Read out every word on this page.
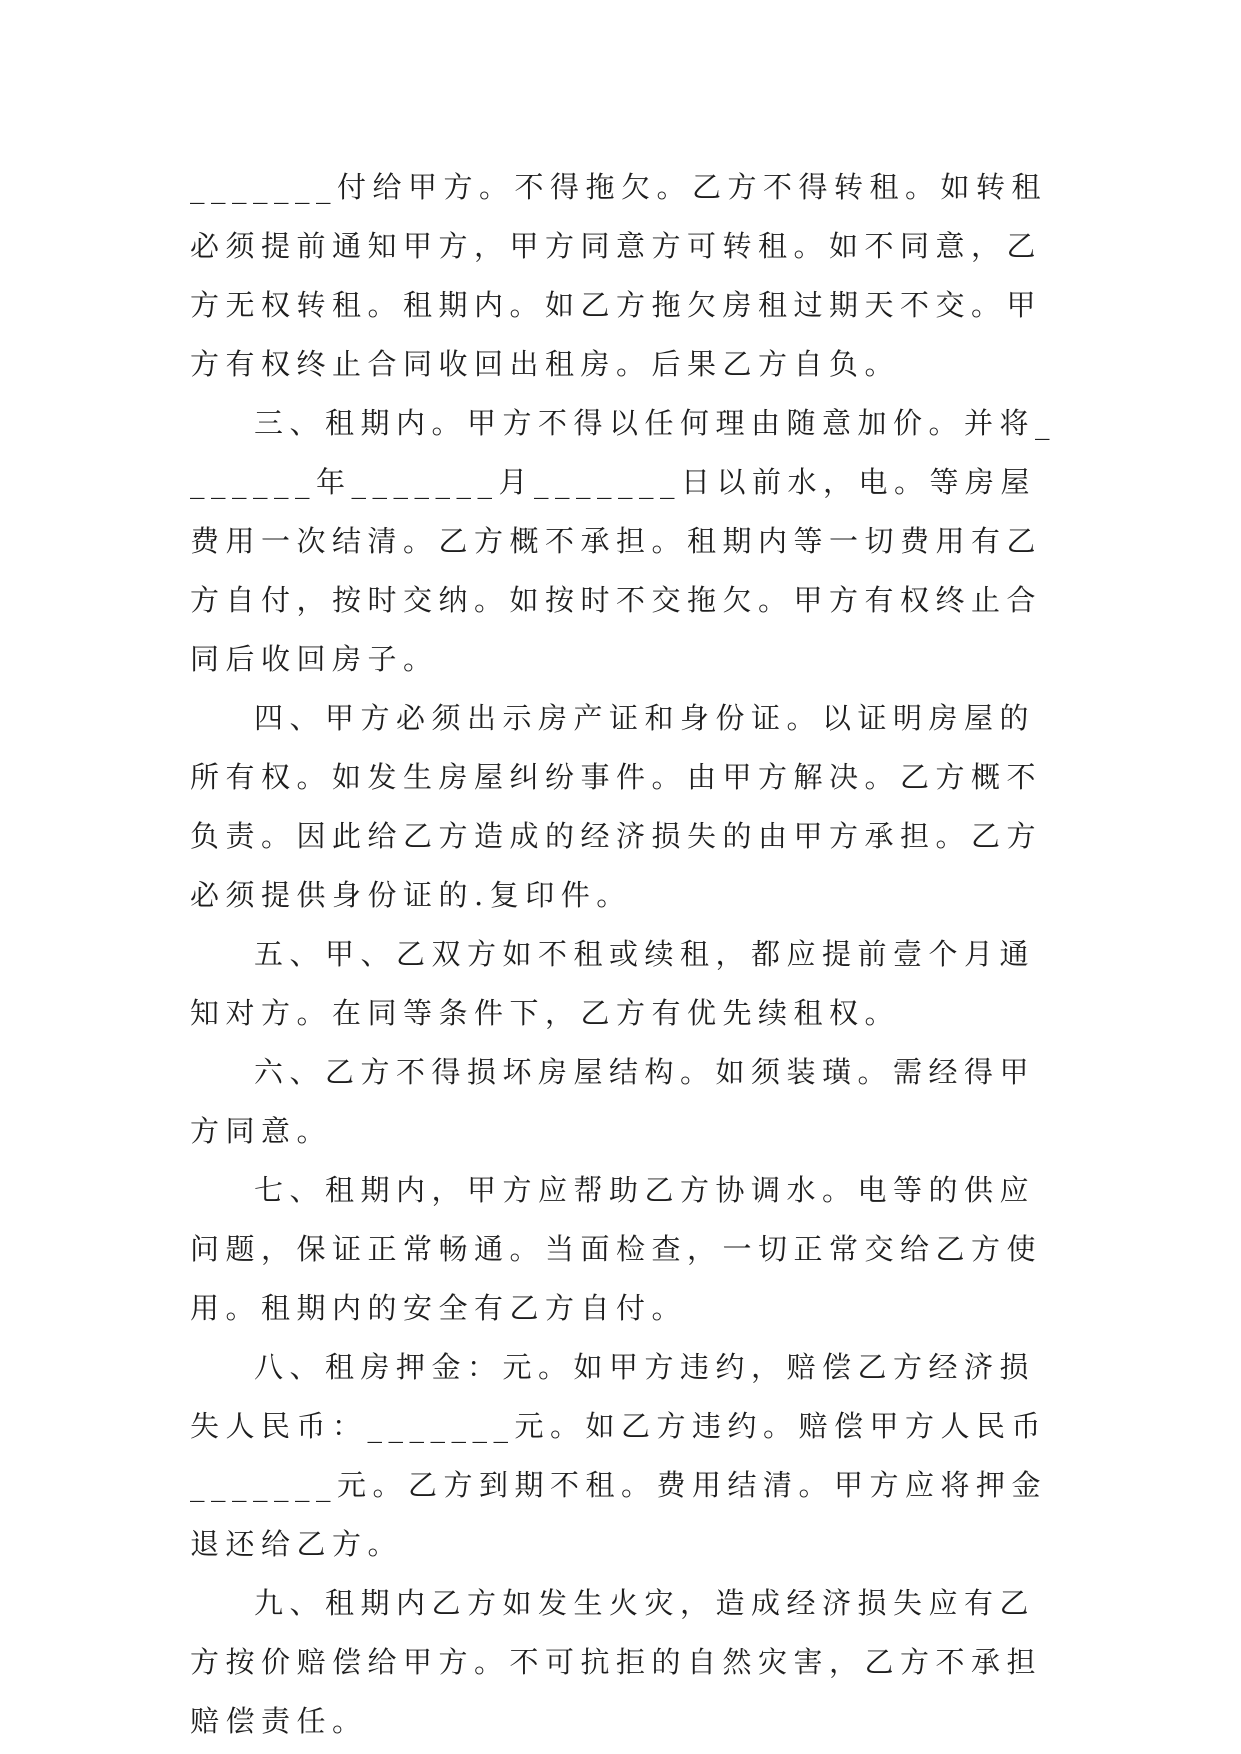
_______付给甲方。不得拖欠。乙方不得转租。如转租必须提前通知甲方，甲方同意方可转租。如不同意，乙方无权转租。租期内。如乙方拖欠房租过期天不交。甲方有权终止合同收回出租房。后果乙方自负。

三、租期内。甲方不得以任何理由随意加价。并将_______年_______月_______日以前水，电。等房屋费用一次结清。乙方概不承担。租期内等一切费用有乙方自付，按时交纳。如按时不交拖欠。甲方有权终止合同后收回房子。

四、甲方必须出示房产证和身份证。以证明房屋的所有权。如发生房屋纠纷事件。由甲方解决。乙方概不负责。因此给乙方造成的经济损失的由甲方承担。乙方必须提供身份证的.复印件。

五、甲、乙双方如不租或续租，都应提前壹个月通知对方。在同等条件下，乙方有优先续租权。

六、乙方不得损坏房屋结构。如须装璜。需经得甲方同意。

七、租期内，甲方应帮助乙方协调水。电等的供应问题，保证正常畅通。当面检查，一切正常交给乙方使用。租期内的安全有乙方自付。

八、租房押金：元。如甲方违约，赔偿乙方经济损失人民币：_______元。如乙方违约。赔偿甲方人民币_______元。乙方到期不租。费用结清。甲方应将押金退还给乙方。

九、租期内乙方如发生火灾，造成经济损失应有乙方按价赔偿给甲方。不可抗拒的自然灾害，乙方不承担赔偿责任。
